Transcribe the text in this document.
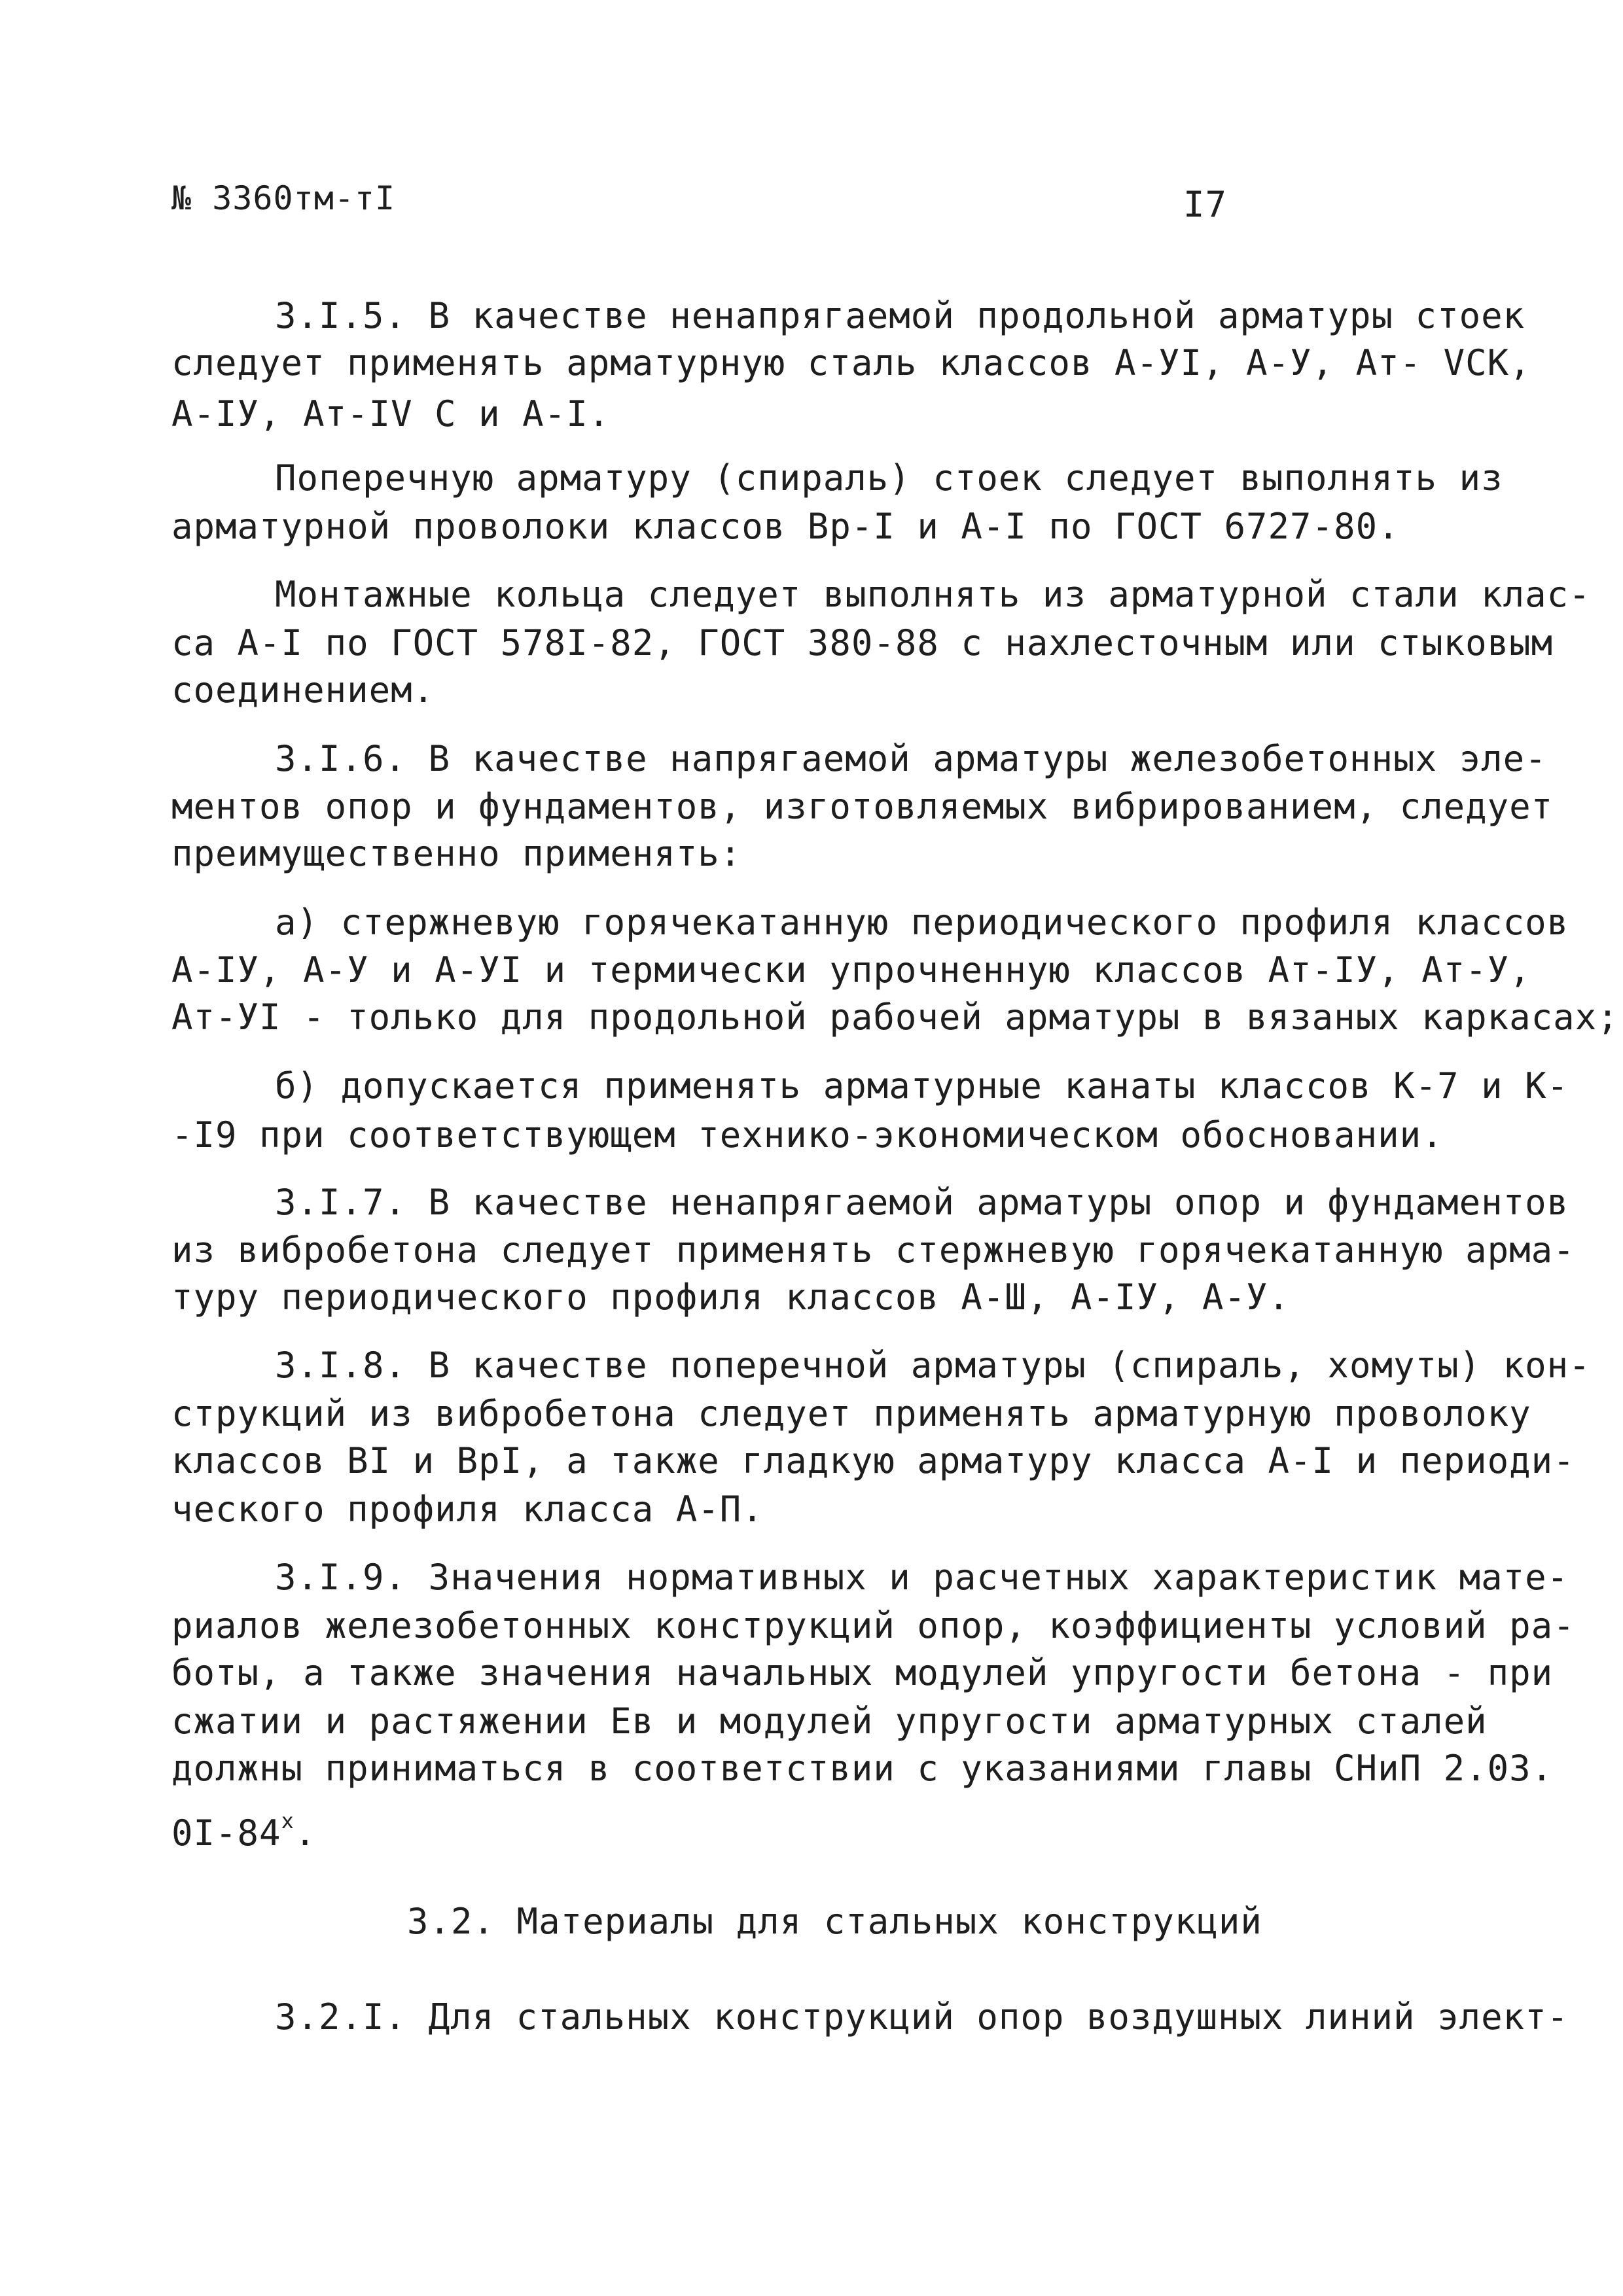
№ 3360тм-тI	I7
3.I.5. В качестве ненапрягаемой продольной арматуры стоек
следует применять арматурную сталь классов А-УI, А-У, Ат- VСК,
А-IУ, Ат-IV С и А-I.
Поперечную арматуру (спираль) стоек следует выполнять из
арматурной проволоки классов Вр-I и А-I по ГОСТ 6727-80.
Монтажные кольца следует выполнять из арматурной стали клас-
са А-I по ГОСТ 578I-82, ГОСТ 380-88 с нахлесточным или стыковым
соединением.
3.I.6. В качестве напрягаемой арматуры железобетонных эле-
ментов опор и фундаментов, изготовляемых вибрированием, следует
преимущественно применять:
а) стержневую горячекатанную периодического профиля классов
А-IУ, А-У и А-УI и термически упрочненную классов Ат-IУ, Ат-У,
Ат-УI - только для продольной рабочей арматуры в вязаных каркасах;
б) допускается применять арматурные канаты классов К-7 и К-
-I9 при соответствующем технико-экономическом обосновании.
3.I.7. В качестве ненапрягаемой арматуры опор и фундаментов
из вибробетона следует применять стержневую горячекатанную арма-
туру периодического профиля классов А-Ш, А-IУ, А-У.
3.I.8. В качестве поперечной арматуры (спираль, хомуты) кон-
струкций из вибробетона следует применять арматурную проволоку
классов ВI и ВрI, а также гладкую арматуру класса А-I и периоди-
ческого профиля класса А-П.
3.I.9. Значения нормативных и расчетных характеристик мате-
риалов железобетонных конструкций опор, коэффициенты условий ра-
боты, а также значения начальных модулей упругости бетона - при
сжатии и растяжении Ев и модулей упругости арматурных сталей
должны приниматься в соответствии с указаниями главы СНиП 2.03.
$0I-84^х$.
3.2. Материалы для стальных конструкций
3.2.I. Для стальных конструкций опор воздушных линий элект-
